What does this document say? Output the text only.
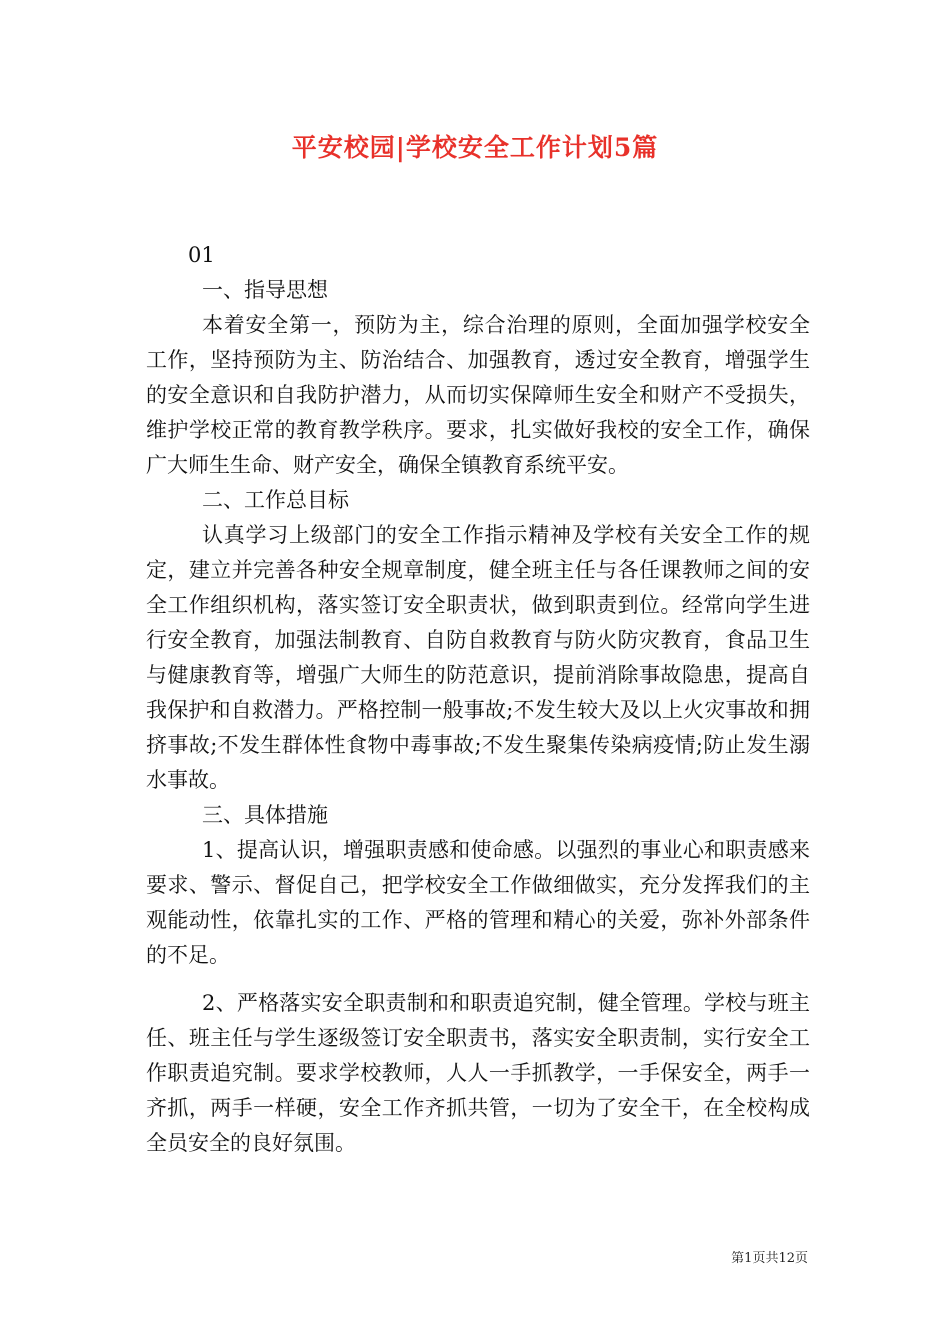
平安校园|学校安全工作计划5篇

01

一、指导思想

本着安全第一，预防为主，综合治理的原则，全面加强学校安全工作，坚持预防为主、防治结合、加强教育，透过安全教育，增强学生的安全意识和自我防护潜力，从而切实保障师生安全和财产不受损失，维护学校正常的教育教学秩序。要求，扎实做好我校的安全工作，确保广大师生生命、财产安全，确保全镇教育系统平安。

二、工作总目标

认真学习上级部门的安全工作指示精神及学校有关安全工作的规定，建立并完善各种安全规章制度，健全班主任与各任课教师之间的安全工作组织机构，落实签订安全职责状，做到职责到位。经常向学生进行安全教育，加强法制教育、自防自救教育与防火防灾教育，食品卫生与健康教育等，增强广大师生的防范意识，提前消除事故隐患，提高自我保护和自救潜力。严格控制一般事故;不发生较大及以上火灾事故和拥挤事故;不发生群体性食物中毒事故;不发生聚集传染病疫情;防止发生溺水事故。

三、具体措施

1、提高认识，增强职责感和使命感。以强烈的事业心和职责感来要求、警示、督促自己，把学校安全工作做细做实，充分发挥我们的主观能动性，依靠扎实的工作、严格的管理和精心的关爱，弥补外部条件的不足。

2、严格落实安全职责制和和职责追究制，健全管理。学校与班主任、班主任与学生逐级签订安全职责书，落实安全职责制，实行安全工作职责追究制。要求学校教师，人人一手抓教学，一手保安全，两手一齐抓，两手一样硬，安全工作齐抓共管，一切为了安全干，在全校构成全员安全的良好氛围。

第1页共12页
